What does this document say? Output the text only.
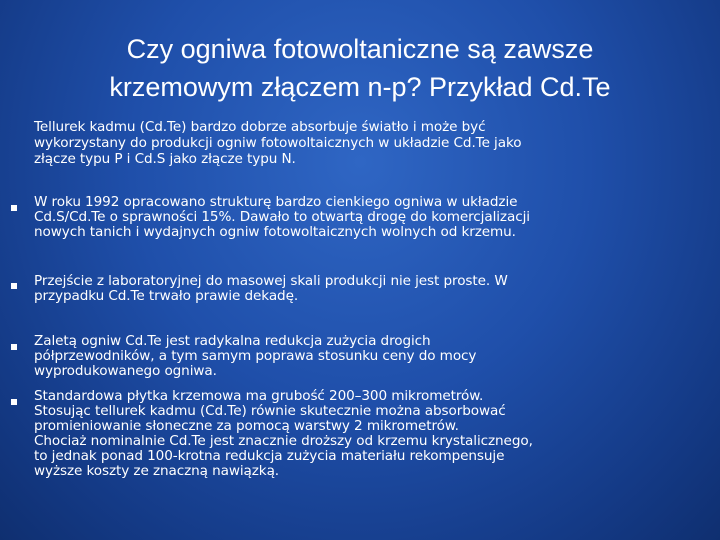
Czy ogniwa fotowoltaniczne są zawsze
krzemowym złączem n-p? Przykład Cd.Te
Tellurek kadmu (Cd.Te) bardzo dobrze absorbuje światło i może być
wykorzystany do produkcji ogniw fotowoltaicznych w układzie Cd.Te jako
złącze typu P i Cd.S jako złącze typu N.
W roku 1992 opracowano strukturę bardzo cienkiego ogniwa w układzie
Cd.S/Cd.Te o sprawności 15%. Dawało to otwartą drogę do komercjalizacji
nowych tanich i wydajnych ogniw fotowoltaicznych wolnych od krzemu.
Przejście z laboratoryjnej do masowej skali produkcji nie jest proste. W
przypadku Cd.Te trwało prawie dekadę.
Zaletą ogniw Cd.Te jest radykalna redukcja zużycia drogich
półprzewodników, a tym samym poprawa stosunku ceny do mocy
wyprodukowanego ogniwa.
Standardowa płytka krzemowa ma grubość 200–300 mikrometrów.
Stosując tellurek kadmu (Cd.Te) równie skutecznie można absorbować
promieniowanie słoneczne za pomocą warstwy 2 mikrometrów.
Chociaż nominalnie Cd.Te jest znacznie droższy od krzemu krystalicznego,
to jednak ponad 100-krotna redukcja zużycia materiału rekompensuje
wyższe koszty ze znaczną nawiązką.
